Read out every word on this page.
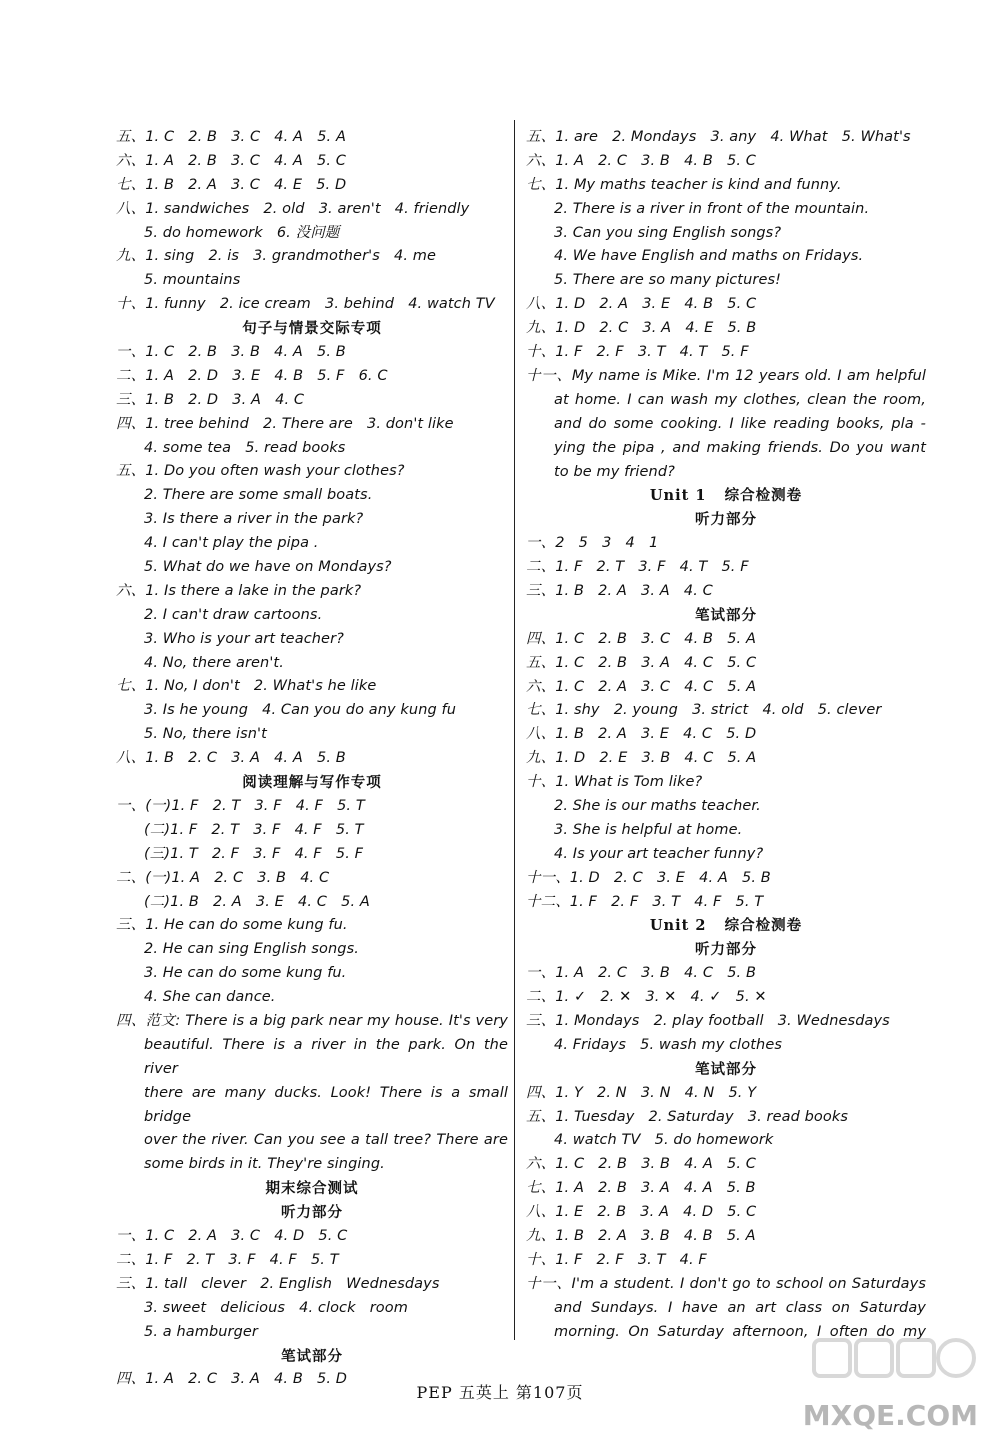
五、1. C   2. B   3. C   4. A   5. A
六、1. A   2. B   3. C   4. A   5. C
七、1. B   2. A   3. C   4. E   5. D
八、1. sandwiches   2. old   3. aren't   4. friendly
5. do homework   6. 没问题
九、1. sing   2. is   3. grandmother's   4. me
5. mountains
十、1. funny   2. ice cream   3. behind   4. watch TV
句子与情景交际专项
一、1. C   2. B   3. B   4. A   5. B
二、1. A   2. D   3. E   4. B   5. F   6. C
三、1. B   2. D   3. A   4. C
四、1. tree behind   2. There are   3. don't like
4. some tea   5. read books
五、1. Do you often wash your clothes?
2. There are some small boats.
3. Is there a river in the park?
4. I can't play the pipa .
5. What do we have on Mondays?
六、1. Is there a lake in the park?
2. I can't draw cartoons.
3. Who is your art teacher?
4. No, there aren't.
七、1. No, I don't   2. What's he like
3. Is he young   4. Can you do any kung fu
5. No, there isn't
八、1. B   2. C   3. A   4. A   5. B
阅读理解与写作专项
一、(一)1. F   2. T   3. F   4. F   5. T
(二)1. F   2. T   3. F   4. F   5. T
(三)1. T   2. F   3. F   4. F   5. F
二、(一)1. A   2. C   3. B   4. C
(二)1. B   2. A   3. E   4. C   5. A
三、1. He can do some kung fu.
2. He can sing English songs.
3. He can do some kung fu.
4. She can dance.
四、范文: There is a big park near my house. It's very
beautiful. There is a river in the park. On the river
there are many ducks. Look! There is a small bridge
over the river. Can you see a tall tree? There are
some birds in it. They're singing.
期末综合测试
听力部分
一、1. C   2. A   3. C   4. D   5. C
二、1. F   2. T   3. F   4. F   5. T
三、1. tall   clever   2. English   Wednesdays
3. sweet   delicious   4. clock   room
5. a hamburger
笔试部分
四、1. A   2. C   3. A   4. B   5. D
五、1. are   2. Mondays   3. any   4. What   5. What's
六、1. A   2. C   3. B   4. B   5. C
七、1. My maths teacher is kind and funny.
2. There is a river in front of the mountain.
3. Can you sing English songs?
4. We have English and maths on Fridays.
5. There are so many pictures!
八、1. D   2. A   3. E   4. B   5. C
九、1. D   2. C   3. A   4. E   5. B
十、1. F   2. F   3. T   4. T   5. F
十一、My name is Mike. I'm 12 years old. I am helpful
at home. I can wash my clothes, clean the room,
and do some cooking. I like reading books, pla -
ying the pipa , and making friends. Do you want
to be my friend?
Unit 1   综合检测卷
听力部分
一、2   5   3   4   1
二、1. F   2. T   3. F   4. T   5. F
三、1. B   2. A   3. A   4. C
笔试部分
四、1. C   2. B   3. C   4. B   5. A
五、1. C   2. B   3. A   4. C   5. C
六、1. C   2. A   3. C   4. C   5. A
七、1. shy   2. young   3. strict   4. old   5. clever
八、1. B   2. A   3. E   4. C   5. D
九、1. D   2. E   3. B   4. C   5. A
十、1. What is Tom like?
2. She is our maths teacher.
3. She is helpful at home.
4. Is your art teacher funny?
十一、1. D   2. C   3. E   4. A   5. B
十二、1. F   2. F   3. T   4. F   5. T
Unit 2   综合检测卷
听力部分
一、1. A   2. C   3. B   4. C   5. B
二、1. ✓   2. ✕   3. ✕   4. ✓   5. ✕
三、1. Mondays   2. play football   3. Wednesdays
4. Fridays   5. wash my clothes
笔试部分
四、1. Y   2. N   3. N   4. N   5. Y
五、1. Tuesday   2. Saturday   3. read books
4. watch TV   5. do homework
六、1. C   2. B   3. B   4. A   5. C
七、1. A   2. B   3. A   4. A   5. B
八、1. E   2. B   3. A   4. D   5. C
九、1. B   2. A   3. B   4. B   5. A
十、1. F   2. F   3. T   4. F
十一、I'm a student. I don't go to school on Saturdays
and Sundays. I have an art class on Saturday
morning. On Saturday afternoon, I often do my
PEP 五英上 第107页
MXQE.COM
